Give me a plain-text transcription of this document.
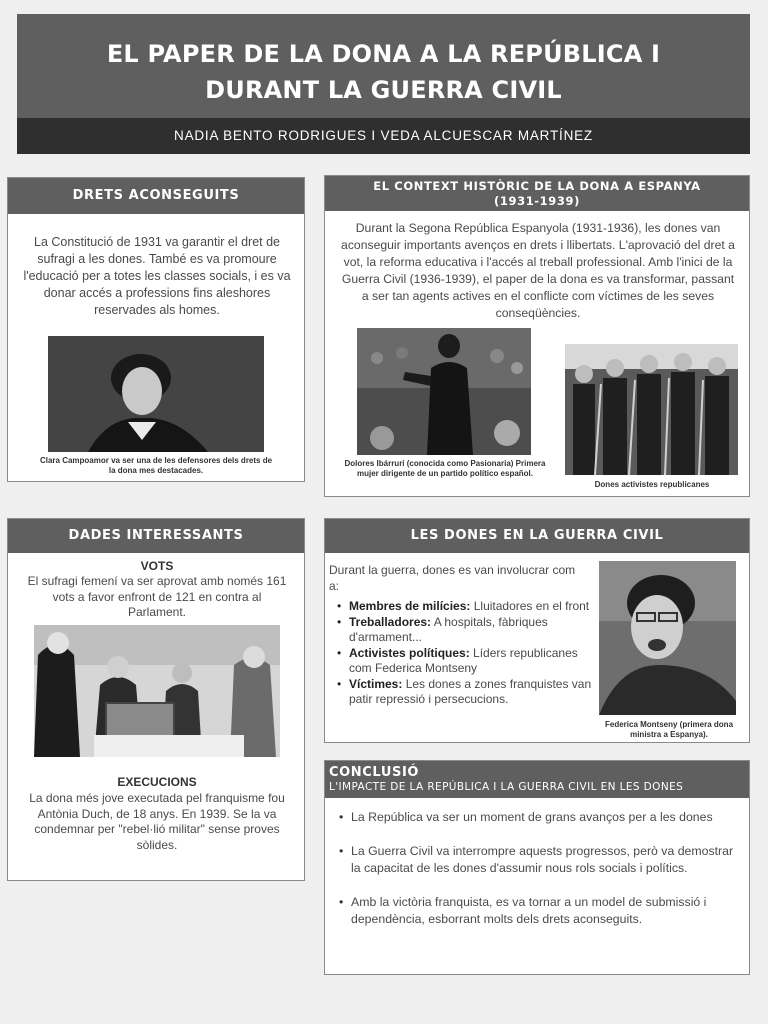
EL PAPER DE LA DONA A LA REPÚBLICA I
DURANT LA GUERRA CIVIL
NADIA BENTO RODRIGUES I VEDA ALCUESCAR MARTÍNEZ
DRETS ACONSEGUITS
La Constitució de 1931 va garantir el dret de sufragi a les dones. També es va promoure l'educació per a totes les classes socials, i es va donar accés a professions fins aleshores reservades als homes.
Clara Campoamor va ser una de les defensores dels drets de la dona mes destacades.
EL CONTEXT HISTÒRIC DE LA DONA A ESPANYA
(1931-1939)
Durant la Segona República Espanyola (1931-1936), les dones van aconseguir importants avenços en drets i llibertats. L'aprovació del dret a vot, la reforma educativa i l'accés al treball professional. Amb l'inici de la Guerra Civil (1936-1939), el paper de la dona es va transformar, passant a ser tan agents actives en el conflicte com víctimes de les seves conseqüències.
Dolores Ibárruri (conocida como Pasionaria) Primera mujer dirigente de un partido político español.
Dones activistes republicanes
DADES INTERESSANTS
VOTS
El sufragi femení va ser aprovat amb només 161 vots a favor enfront de 121 en contra al Parlament.
EXECUCIONS
La dona més jove executada pel franquisme fou Antònia Duch, de 18 anys. En 1939. Se la va condemnar per "rebel·lió militar" sense proves sòlides.
LES DONES EN LA GUERRA CIVIL
Durant la guerra, dones es van involucrar com a:
• Membres de milícies: Lluitadores en el front
• Treballadores: A hospitals, fàbriques d'armament...
• Activistes polítiques: Líders republicanes com Federica Montseny
• Víctimes: Les dones a zones franquistes van patir repressió i persecucions.
Federica Montseny (primera dona ministra a Espanya).
CONCLUSIÓ
L'IMPACTE DE LA REPÚBLICA I LA GUERRA CIVIL EN LES DONES
• La República va ser un moment de grans avanços per a les dones
• La Guerra Civil va interrompre aquests progressos, però va demostrar la capacitat de les dones d'assumir nous rols socials i polítics.
• Amb la victòria franquista, es va tornar a un model de submissió i dependència, esborrant molts dels drets aconseguits.
